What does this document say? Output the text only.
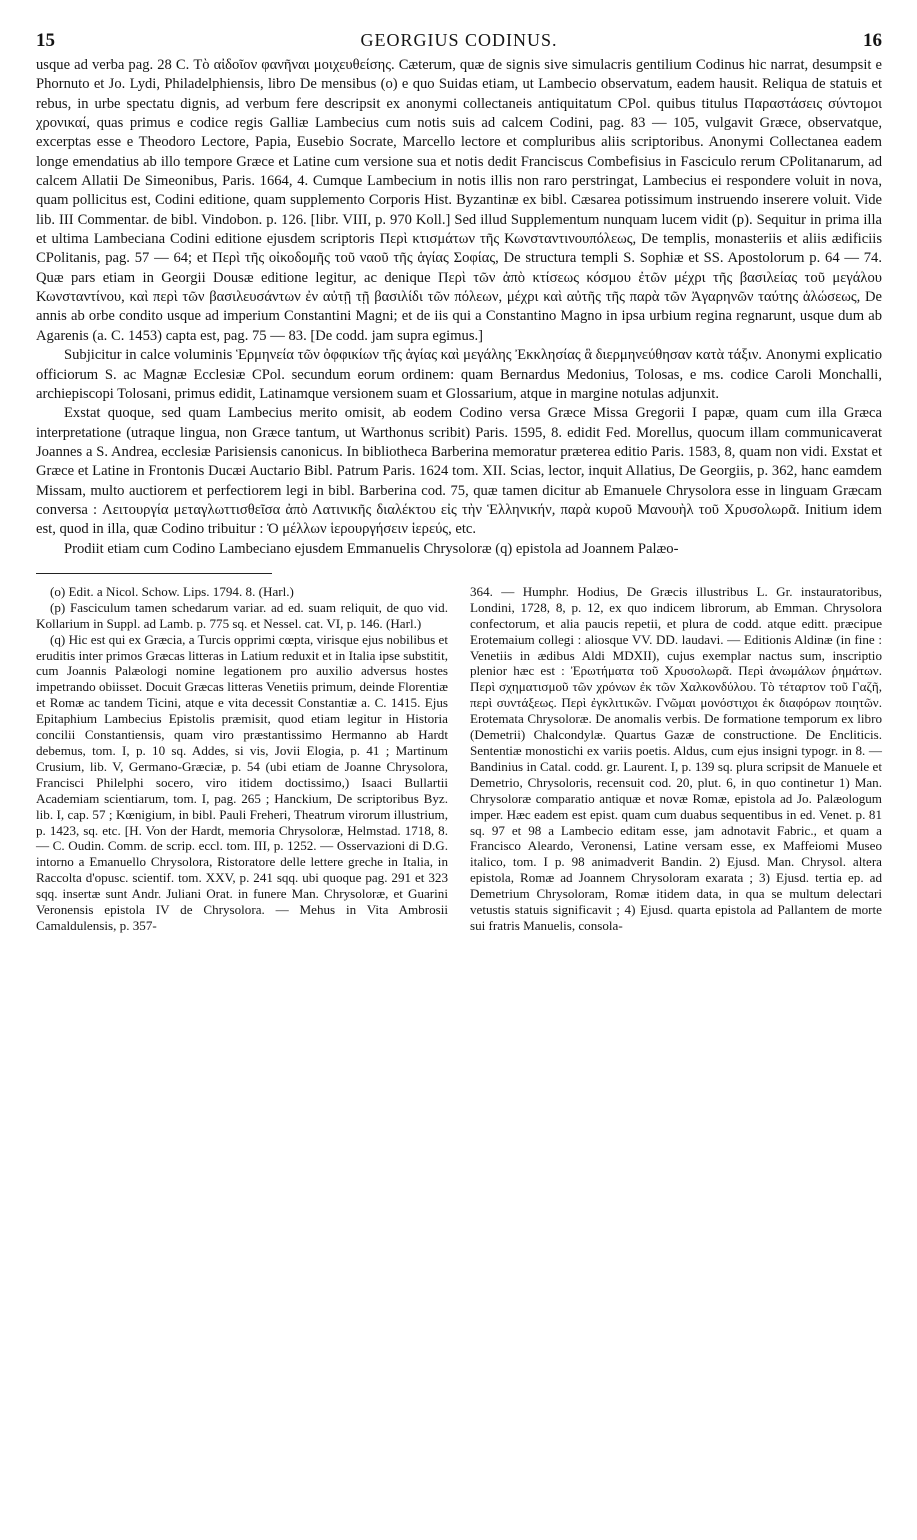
15	GEORGIUS CODINUS.	16

usque ad verba pag. 28 C. Τὸ αἰδοῖον φανῆναι μοιχευθείσης. Cæterum, quæ de signis sive simulacris gentilium Codinus hic narrat, desumpsit e Phornuto et Jo. Lydi, Philadelphiensis, libro De mensibus (o) e quo Suidas etiam, ut Lambecio observatum, eadem hausit. Reliqua de statuis et rebus, in urbe spectatu dignis, ad verbum fere descripsit ex anonymi collectaneis antiquitatum CPol. quibus titulus Παραστάσεις σύντομοι χρονικαί, quas primus e codice regis Galliæ Lambecius cum notis suis ad calcem Codini, pag. 83 — 105, vulgavit Græce, observatque, excerptas esse e Theodoro Lectore, Papia, Eusebio Socrate, Marcello lectore et compluribus aliis scriptoribus. Anonymi Collectanea eadem longe emendatius ab illo tempore Græce et Latine cum versione sua et notis dedit Franciscus Combefisius in Fasciculo rerum CPolitanarum, ad calcem Allatii De Simeonibus, Paris. 1664, 4. Cumque Lambecium in notis illis non raro perstringat, Lambecius ei respondere voluit in nova, quam pollicitus est, Codini editione, quam supplemento Corporis Hist. Byzantinæ ex bibl. Cæsarea potissimum instruendo inserere voluit. Vide lib. III Commentar. de bibl. Vindobon. p. 126. [libr. VIII, p. 970 Koll.] Sed illud Supplementum nunquam lucem vidit (p). Sequitur in prima illa et ultima Lambeciana Codini editione ejusdem scriptoris Περὶ κτισμάτων τῆς Κωνσταντινουπόλεως, De templis, monasteriis et aliis ædificiis CPolitanis, pag. 57 — 64; et Περὶ τῆς οἰκοδομῆς τοῦ ναοῦ τῆς ἁγίας Σοφίας, De structura templi S. Sophiæ et SS. Apostolorum p. 64 — 74. Quæ pars etiam in Georgii Dousæ editione legitur, ac denique Περὶ τῶν ἀπὸ κτίσεως κόσμου ἐτῶν μέχρι τῆς βασιλείας τοῦ μεγάλου Κωνσταντίνου, καὶ περὶ τῶν βασιλευσάντων ἐν αὐτῇ τῇ βασιλίδι τῶν πόλεων, μέχρι καὶ αὐτῆς τῆς παρὰ τῶν Ἀγαρηνῶν ταύτης ἁλώσεως, De annis ab orbe condito usque ad imperium Constantini Magni; et de iis qui a Constantino Magno in ipsa urbium regina regnarunt, usque dum ab Agarenis (a. C. 1453) capta est, pag. 75 — 83. [De codd. jam supra egimus.]

Subjicitur in calce voluminis Ἑρμηνεία τῶν ὀφφικίων τῆς ἁγίας καὶ μεγάλης Ἐκκλησίας ἃ διερμηνεύθησαν κατὰ τάξιν. Anonymi explicatio officiorum S. ac Magnæ Ecclesiæ CPol. secundum eorum ordinem: quam Bernardus Medonius, Tolosas, e ms. codice Caroli Monchalli, archiepiscopi Tolosani, primus edidit, Latinamque versionem suam et Glossarium, atque in margine notulas adjunxit.

Exstat quoque, sed quam Lambecius merito omisit, ab eodem Codino versa Græce Missa Gregorii I papæ, quam cum illa Græca interpretatione (utraque lingua, non Græce tantum, ut Warthonus scribit) Paris. 1595, 8. edidit Fed. Morellus, quocum illam communicaverat Joannes a S. Andrea, ecclesiæ Parisiensis canonicus. In bibliotheca Barberina memoratur præterea editio Paris. 1583, 8, quam non vidi. Exstat et Græce et Latine in Frontonis Ducæi Auctario Bibl. Patrum Paris. 1624 tom. XII. Scias, lector, inquit Allatius, De Georgiis, p. 362, hanc eamdem Missam, multo auctiorem et perfectiorem legi in bibl. Barberina cod. 75, quæ tamen dicitur ab Emanuele Chrysolora esse in linguam Græcam conversa : Λειτουργία μεταγλωττισθεῖσα ἀπὸ Λατινικῆς διαλέκτου εἰς τὴν Ἑλληνικήν, παρὰ κυροῦ Μανουὴλ τοῦ Χρυσολωρᾶ. Initium idem est, quod in illa, quæ Codino tribuitur : Ὁ μέλλων ἱερουργήσειν ἱερεύς, etc.

Prodiit etiam cum Codino Lambeciano ejusdem Emmanuelis Chrysoloræ (q) epistola ad Joannem Palæo-

(o) Edit. a Nicol. Schow. Lips. 1794. 8. (Harl.)

(p) Fasciculum tamen schedarum variar. ad ed. suam reliquit, de quo vid. Kollarium in Suppl. ad Lamb. p. 775 sq. et Nessel. cat. VI, p. 146. (Harl.)

(q) Hic est qui ex Græcia, a Turcis opprimi cœpta, virisque ejus nobilibus et eruditis inter primos Græcas litteras in Latium reduxit et in Italia ipse substitit, cum Joannis Palæologi nomine legationem pro auxilio adversus hostes impetrando obiisset. Docuit Græcas litteras Venetiis primum, deinde Florentiæ et Romæ ac tandem Ticini, atque e vita decessit Constantiæ a. C. 1415. Ejus Epitaphium Lambecius Epistolis præmisit, quod etiam legitur in Historia concilii Constantiensis, quam viro præstantissimo Hermanno ab Hardt debemus, tom. I, p. 10 sq. Addes, si vis, Jovii Elogia, p. 41 ; Martinum Crusium, lib. V, Germano-Græciæ, p. 54 (ubi etiam de Joanne Chrysolora, Francisci Philelphi socero, viro itidem doctissimo,) Isaaci Bullartii Academiam scientiarum, tom. I, pag. 265 ; Hanckium, De scriptoribus Byz. lib. I, cap. 57 ; Kœnigium, in bibl. Pauli Freheri, Theatrum virorum illustrium, p. 1423, sq. etc. [H. Von der Hardt, memoria Chrysoloræ, Helmstad. 1718, 8. — C. Oudin. Comm. de scrip. eccl. tom. III, p. 1252. — Osservazioni di D.G. intorno a Emanuello Chrysolora, Ristoratore delle lettere greche in Italia, in Raccolta d'opusc. scientif. tom. XXV, p. 241 sqq. ubi quoque pag. 291 et 323 sqq. insertæ sunt Andr. Juliani Orat. in funere Man. Chrysoloræ, et Guarini Veronensis epistola IV de Chrysolora. — Mehus in Vita Ambrosii Camaldulensis, p. 357-

364. — Humphr. Hodius, De Græcis illustribus L. Gr. instauratoribus, Londini, 1728, 8, p. 12, ex quo indicem librorum, ab Emman. Chrysolora confectorum, et alia paucis repetii, et plura de codd. atque editt. præcipue Erotemaium collegi : aliosque VV. DD. laudavi. — Editionis Aldinæ (in fine : Venetiis in ædibus Aldi MDXII), cujus exemplar nactus sum, inscriptio plenior hæc est : Ἐρωτήματα τοῦ Χρυσολωρᾶ. Περὶ ἀνωμάλων ῥημάτων. Περὶ σχηματισμοῦ τῶν χρόνων ἐκ τῶν Χαλκονδύλου. Τὸ τέταρτον τοῦ Γαζῆ, περὶ συντάξεως. Περὶ ἐγκλιτικῶν. Γνῶμαι μονόστιχοι ἐκ διαφόρων ποιητῶν. Erotemata Chrysoloræ. De anomalis verbis. De formatione temporum ex libro (Demetrii) Chalcondylæ. Quartus Gazæ de constructione. De Encliticis. Sententiæ monostichi ex variis poetis. Aldus, cum ejus insigni typogr. in 8. — Bandinius in Catal. codd. gr. Laurent. I, p. 139 sq. plura scripsit de Manuele et Demetrio, Chrysoloris, recensuit cod. 20, plut. 6, in quo continetur 1) Man. Chrysoloræ comparatio antiquæ et novæ Romæ, epistola ad Jo. Palæologum imper. Hæc eadem est epist. quam cum duabus sequentibus in ed. Venet. p. 81 sq. 97 et 98 a Lambecio editam esse, jam adnotavit Fabric., et quam a Francisco Aleardo, Veronensi, Latine versam esse, ex Maffeiomi Museo italico, tom. I p. 98 animadverit Bandin. 2) Ejusd. Man. Chrysol. altera epistola, Romæ ad Joannem Chrysoloram exarata ; 3) Ejusd. tertia ep. ad Demetrium Chrysoloram, Romæ itidem data, in qua se multum delectari vetustis statuis significavit ; 4) Ejusd. quarta epistola ad Pallantem de morte sui fratris Manuelis, consola-
